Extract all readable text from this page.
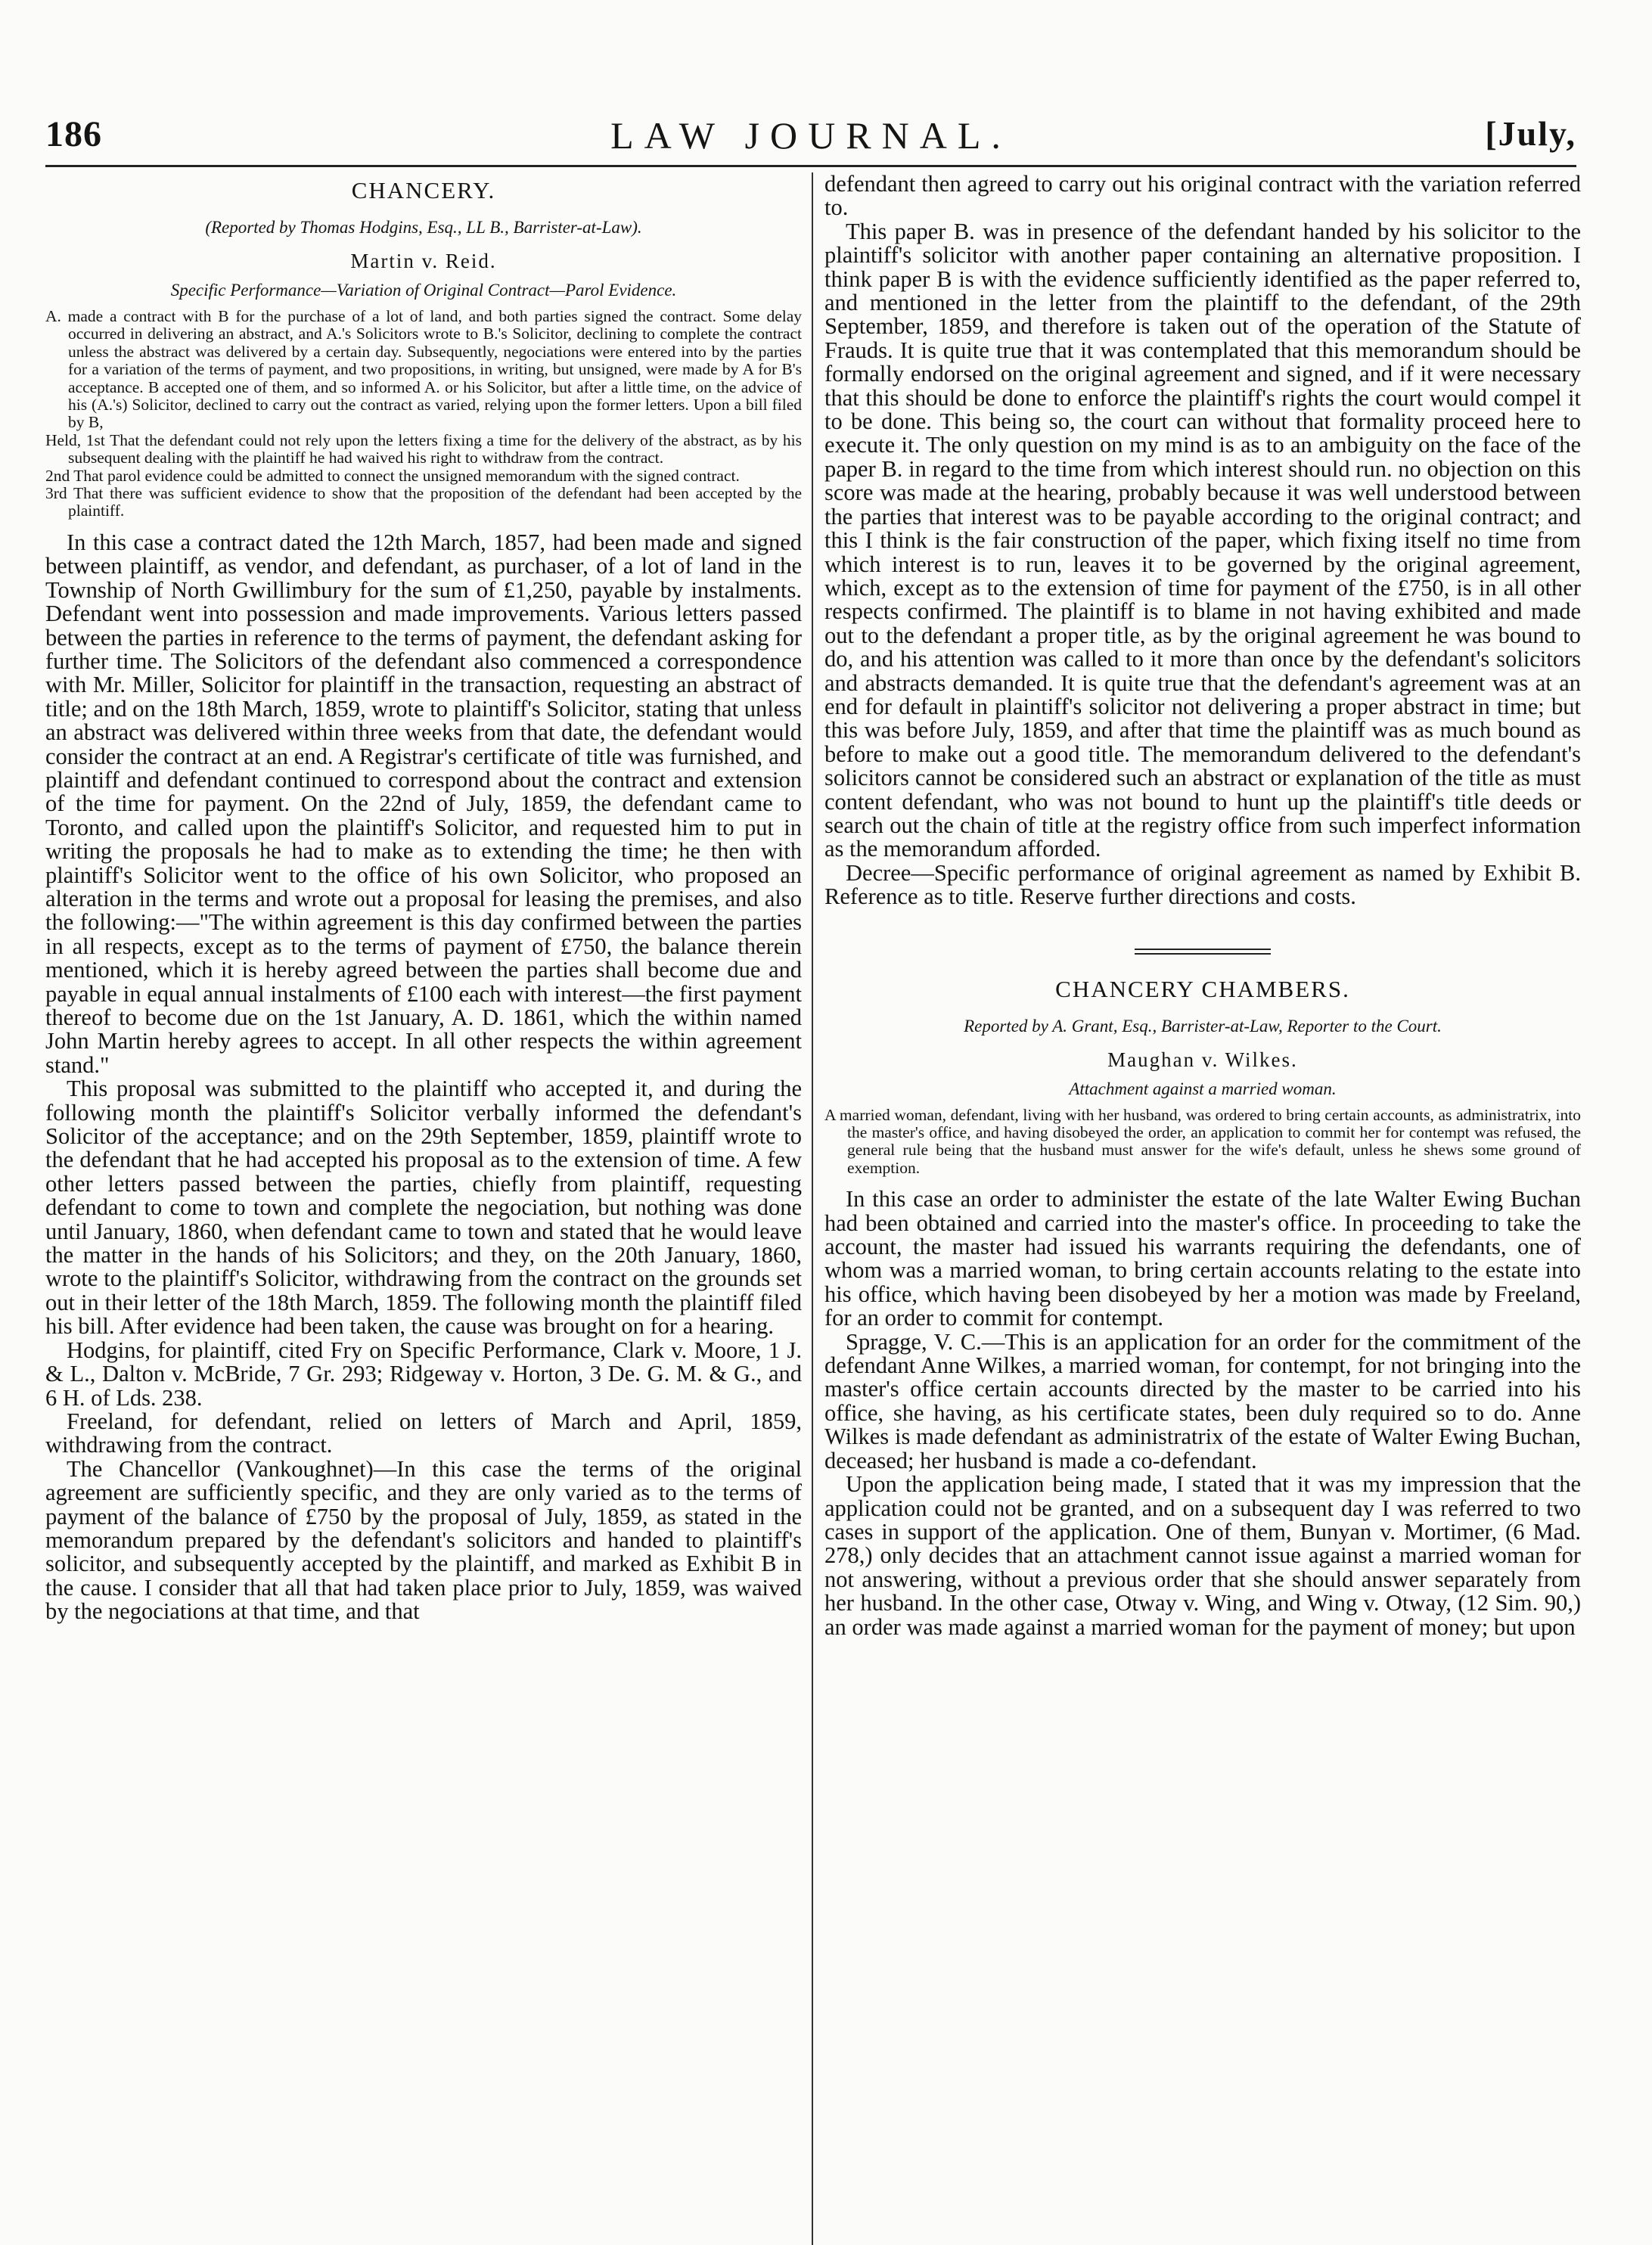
186	LAW JOURNAL.	[July,
CHANCERY.
(Reported by Thomas Hodgins, Esq., LL B., Barrister-at-Law).
Martin v. Reid.
Specific Performance—Variation of Original Contract—Parol Evidence.

A. made a contract with B for the purchase of a lot of land, and both parties signed the contract. Some delay occurred in delivering an abstract, and A.'s Solicitors wrote to B.'s Solicitor, declining to complete the contract unless the abstract was delivered by a certain day. Subsequently, negociations were entered into by the parties for a variation of the terms of payment, and two propositions, in writing, but unsigned, were made by A for B's acceptance. B accepted one of them, and so informed A. or his Solicitor, but after a little time, on the advice of his (A.'s) Solicitor, declined to carry out the contract as varied, relying upon the former letters. Upon a bill filed by B,

Held, 1st That the defendant could not rely upon the letters fixing a time for the delivery of the abstract, as by his subsequent dealing with the plaintiff he had waived his right to withdraw from the contract.

2nd That parol evidence could be admitted to connect the unsigned memorandum with the signed contract.

3rd That there was sufficient evidence to show that the proposition of the defendant had been accepted by the plaintiff.

In this case a contract dated the 12th March, 1857, had been made and signed between plaintiff, as vendor, and defendant, as purchaser, of a lot of land in the Township of North Gwillimbury for the sum of £1,250, payable by instalments. Defendant went into possession and made improvements. Various letters passed between the parties in reference to the terms of payment, the defendant asking for further time. The Solicitors of the defendant also commenced a correspondence with Mr. Miller, Solicitor for plaintiff in the transaction, requesting an abstract of title; and on the 18th March, 1859, wrote to plaintiff's Solicitor, stating that unless an abstract was delivered within three weeks from that date, the defendant would consider the contract at an end. A Registrar's certificate of title was furnished, and plaintiff and defendant continued to correspond about the contract and extension of the time for payment. On the 22nd of July, 1859, the defendant came to Toronto, and called upon the plaintiff's Solicitor, and requested him to put in writing the proposals he had to make as to extending the time; he then with plaintiff's Solicitor went to the office of his own Solicitor, who proposed an alteration in the terms and wrote out a proposal for leasing the premises, and also the following:—"The within agreement is this day confirmed between the parties in all respects, except as to the terms of payment of £750, the balance therein mentioned, which it is hereby agreed between the parties shall become due and payable in equal annual instalments of £100 each with interest—the first payment thereof to become due on the 1st January, A. D. 1861, which the within named John Martin hereby agrees to accept. In all other respects the within agreement stand."

This proposal was submitted to the plaintiff who accepted it, and during the following month the plaintiff's Solicitor verbally informed the defendant's Solicitor of the acceptance; and on the 29th September, 1859, plaintiff wrote to the defendant that he had accepted his proposal as to the extension of time. A few other letters passed between the parties, chiefly from plaintiff, requesting defendant to come to town and complete the negociation, but nothing was done until January, 1860, when defendant came to town and stated that he would leave the matter in the hands of his Solicitors; and they, on the 20th January, 1860, wrote to the plaintiff's Solicitor, withdrawing from the contract on the grounds set out in their letter of the 18th March, 1859. The following month the plaintiff filed his bill. After evidence had been taken, the cause was brought on for a hearing.

Hodgins, for plaintiff, cited Fry on Specific Performance, Clark v. Moore, 1 J. & L., Dalton v. McBride, 7 Gr. 293; Ridgeway v. Horton, 3 De. G. M. & G., and 6 H. of Lds. 238.

Freeland, for defendant, relied on letters of March and April, 1859, withdrawing from the contract.

The Chancellor (Vankoughnet)—In this case the terms of the original agreement are sufficiently specific, and they are only varied as to the terms of payment of the balance of £750 by the proposal of July, 1859, as stated in the memorandum prepared by the defendant's solicitors and handed to plaintiff's solicitor, and subsequently accepted by the plaintiff, and marked as Exhibit B in the cause. I consider that all that had taken place prior to July, 1859, was waived by the negociations at that time, and that

defendant then agreed to carry out his original contract with the variation referred to.

This paper B. was in presence of the defendant handed by his solicitor to the plaintiff's solicitor with another paper containing an alternative proposition. I think paper B is with the evidence sufficiently identified as the paper referred to, and mentioned in the letter from the plaintiff to the defendant, of the 29th September, 1859, and therefore is taken out of the operation of the Statute of Frauds. It is quite true that it was contemplated that this memorandum should be formally endorsed on the original agreement and signed, and if it were necessary that this should be done to enforce the plaintiff's rights the court would compel it to be done. This being so, the court can without that formality proceed here to execute it. The only question on my mind is as to an ambiguity on the face of the paper B. in regard to the time from which interest should run. no objection on this score was made at the hearing, probably because it was well understood between the parties that interest was to be payable according to the original contract; and this I think is the fair construction of the paper, which fixing itself no time from which interest is to run, leaves it to be governed by the original agreement, which, except as to the extension of time for payment of the £750, is in all other respects confirmed. The plaintiff is to blame in not having exhibited and made out to the defendant a proper title, as by the original agreement he was bound to do, and his attention was called to it more than once by the defendant's solicitors and abstracts demanded. It is quite true that the defendant's agreement was at an end for default in plaintiff's solicitor not delivering a proper abstract in time; but this was before July, 1859, and after that time the plaintiff was as much bound as before to make out a good title. The memorandum delivered to the defendant's solicitors cannot be considered such an abstract or explanation of the title as must content defendant, who was not bound to hunt up the plaintiff's title deeds or search out the chain of title at the registry office from such imperfect information as the memorandum afforded.

Decree—Specific performance of original agreement as named by Exhibit B. Reference as to title. Reserve further directions and costs.

CHANCERY CHAMBERS.
Reported by A. Grant, Esq., Barrister-at-Law, Reporter to the Court.
Maughan v. Wilkes.
Attachment against a married woman.

A married woman, defendant, living with her husband, was ordered to bring certain accounts, as administratrix, into the master's office, and having disobeyed the order, an application to commit her for contempt was refused, the general rule being that the husband must answer for the wife's default, unless he shews some ground of exemption.

In this case an order to administer the estate of the late Walter Ewing Buchan had been obtained and carried into the master's office. In proceeding to take the account, the master had issued his warrants requiring the defendants, one of whom was a married woman, to bring certain accounts relating to the estate into his office, which having been disobeyed by her a motion was made by Freeland, for an order to commit for contempt.

Spragge, V. C.—This is an application for an order for the commitment of the defendant Anne Wilkes, a married woman, for contempt, for not bringing into the master's office certain accounts directed by the master to be carried into his office, she having, as his certificate states, been duly required so to do. Anne Wilkes is made defendant as administratrix of the estate of Walter Ewing Buchan, deceased; her husband is made a co-defendant.

Upon the application being made, I stated that it was my impression that the application could not be granted, and on a subsequent day I was referred to two cases in support of the application. One of them, Bunyan v. Mortimer, (6 Mad. 278,) only decides that an attachment cannot issue against a married woman for not answering, without a previous order that she should answer separately from her husband. In the other case, Otway v. Wing, and Wing v. Otway, (12 Sim. 90,) an order was made against a married woman for the payment of money; but upon
